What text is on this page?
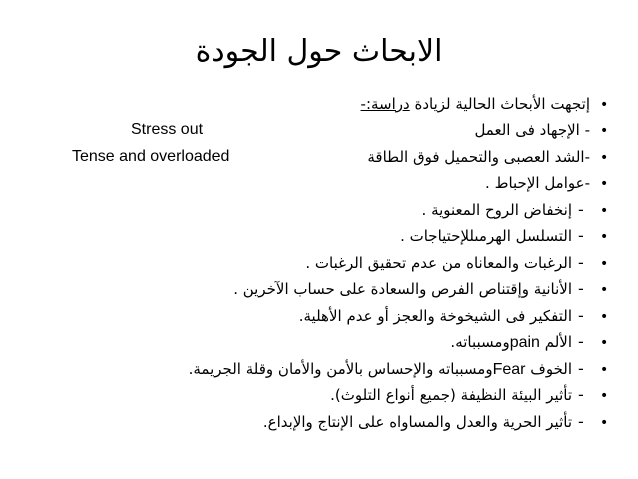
الابحاث حول الجودة
•
إتجهت الأبحاث الحالية لزيادة دراسة:-
•
- الإجهاد فى العمل
Stress out
•
-الشد العصبى والتحميل فوق الطاقة
Tense and overloaded
•
-عوامل الإحباط .
•
-
إنخفاض الروح المعنوية .
•
-
التسلسل الهرمىللإحتياجات .
•
-
الرغبات والمعاناه من عدم تحقيق الرغبات .
•
-
الأنانية وإقتناص الفرص والسعادة على حساب الآخرين .
•
-
التفكير فى الشيخوخة والعجز أو عدم الأهلية.
•
-
الألم painومسبباته.
•
-
الخوف Fearومسبباته والإحساس بالأمن والأمان وقلة الجريمة.
•
-
تأثير البيئة النظيفة (جميع أنواع التلوث).
•
-
تأثير الحرية والعدل والمساواه على الإنتاج والإبداع.
